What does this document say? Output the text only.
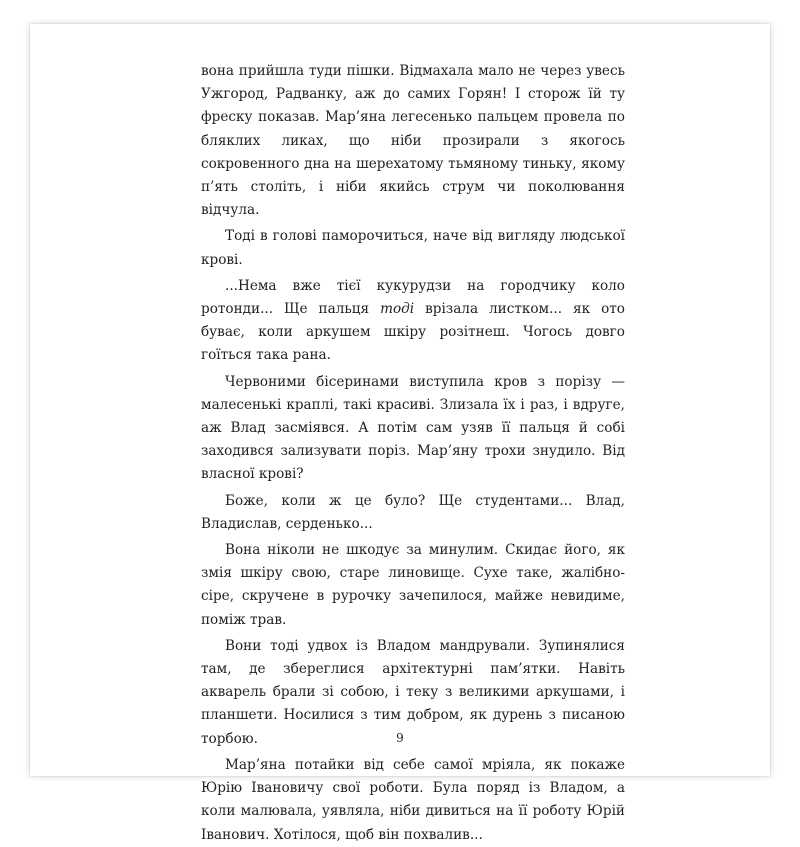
вона прийшла туди пішки. Відмахала мало не через увесь Ужгород, Радванку, аж до самих Горян! І сторож їй ту фреску показав. Мар’яна легесенько пальцем провела по бляклих ликах, що ніби прозирали з якогось сокровенного дна на шерехатому тьмяному тиньку, якому п’ять століть, і ніби якийсь струм чи поколювання відчула.

Тоді в голові паморочиться, наче від вигляду людської крові.

...Нема вже тієї кукурудзи на городчику коло ротонди... Ще пальця тоді врізала листком... як ото буває, коли аркушем шкіру розітнеш. Чогось довго гоїться така рана.

Червоними бісеринами виступила кров з порізу — малесенькі краплі, такі красиві. Злизала їх і раз, і вдруге, аж Влад засміявся. А потім сам узяв її пальця й собі заходився зализувати поріз. Мар’яну трохи знудило. Від власної крові?

Боже, коли ж це було? Ще студентами... Влад, Владислав, серденько...

Вона ніколи не шкодує за минулим. Скидає його, як змія шкіру свою, старе линовище. Сухе таке, жалібно-сіре, скручене в рурочку зачепилося, майже невидиме, поміж трав.

Вони тоді удвох із Владом мандрували. Зупинялися там, де збереглися архітектурні пам’ятки. Навіть акварель брали зі собою, і теку з великими аркушами, і планшети. Носилися з тим добром, як дурень з писаною торбою.

Мар’яна потайки від себе самої мріяла, як покаже Юрію Івановичу свої роботи. Була поряд із Владом, а коли малювала, уявляла, ніби дивиться на її роботу Юрій Іванович. Хотілося, щоб він похвалив...

9
